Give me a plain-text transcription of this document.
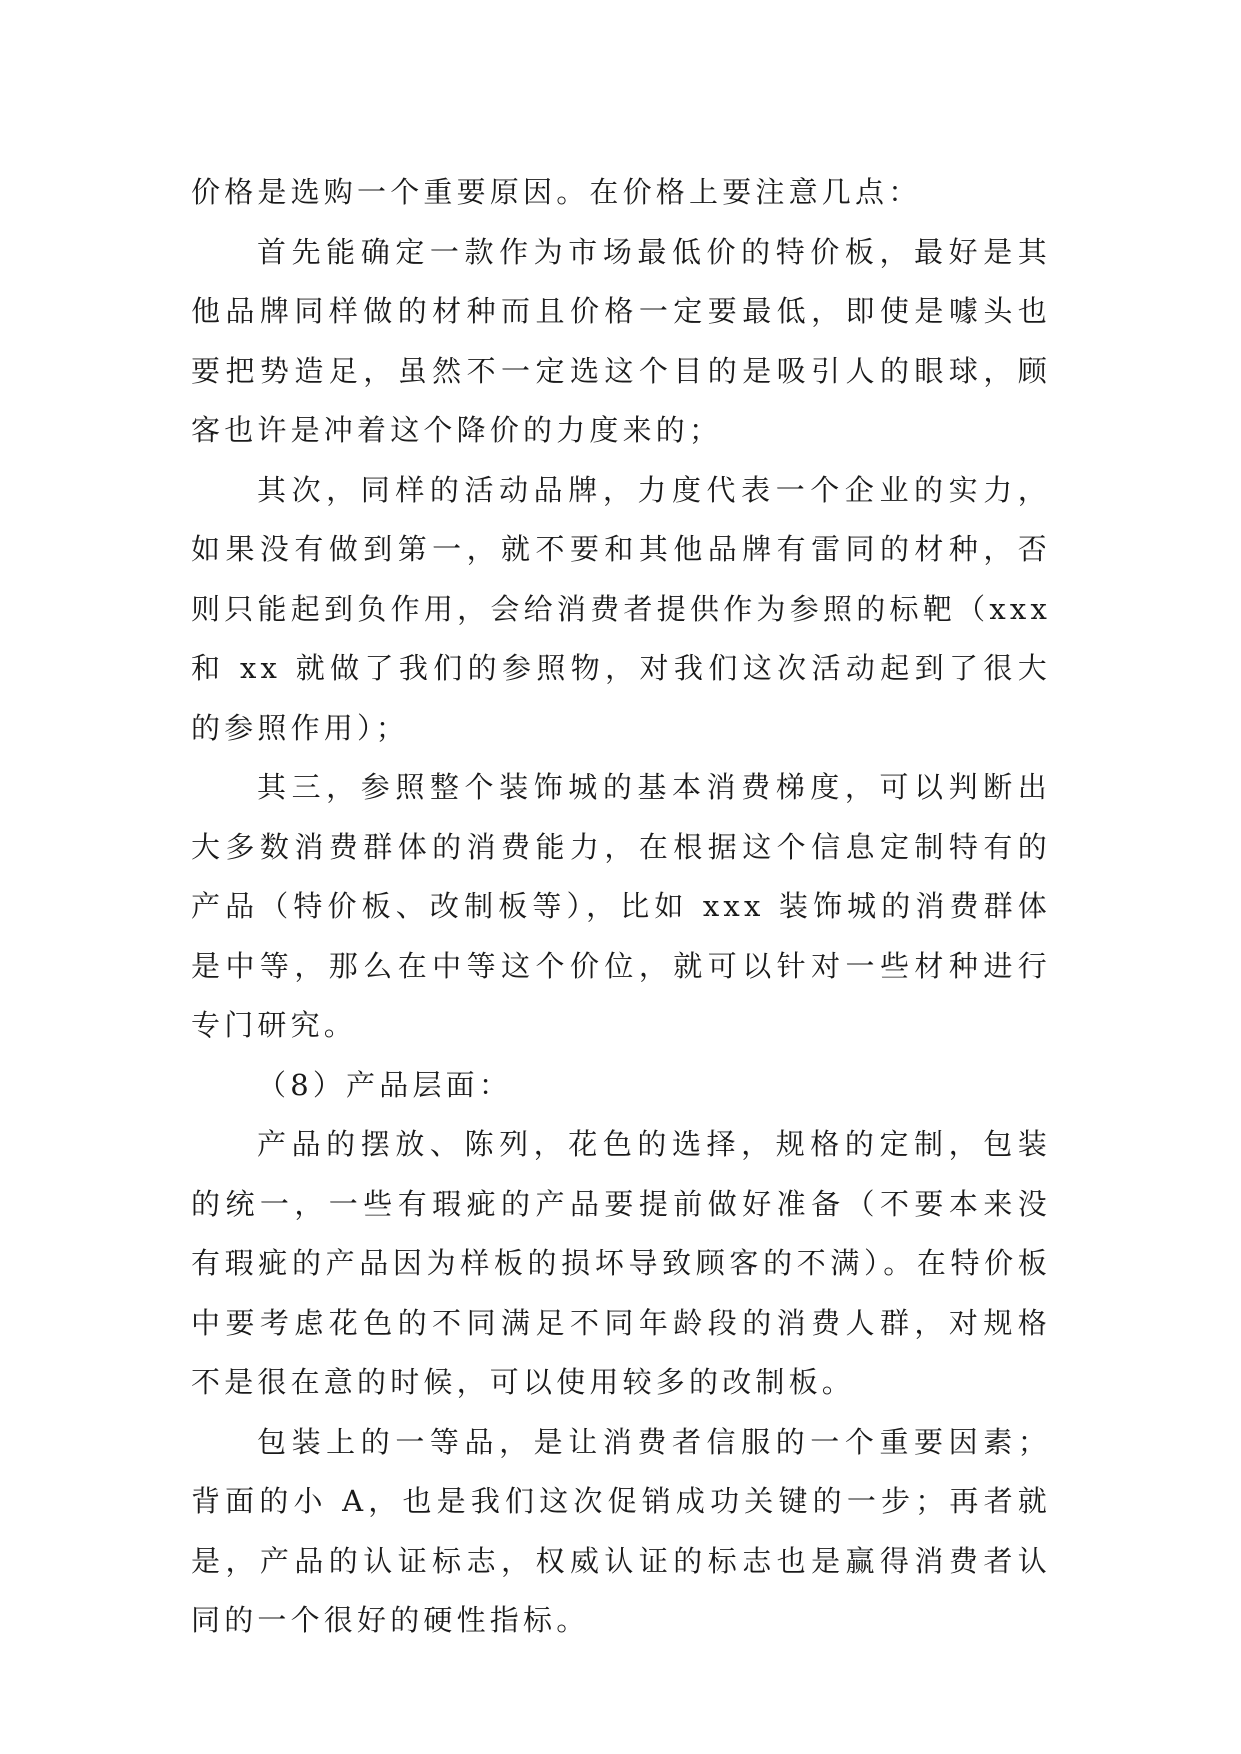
价格是选购一个重要原因。在价格上要注意几点：

首先能确定一款作为市场最低价的特价板，最好是其他品牌同样做的材种而且价格一定要最低，即使是噱头也要把势造足，虽然不一定选这个目的是吸引人的眼球，顾客也许是冲着这个降价的力度来的；

其次，同样的活动品牌，力度代表一个企业的实力，如果没有做到第一，就不要和其他品牌有雷同的材种，否则只能起到负作用，会给消费者提供作为参照的标靶（xxx 和 xx 就做了我们的参照物，对我们这次活动起到了很大的参照作用）；

其三，参照整个装饰城的基本消费梯度，可以判断出大多数消费群体的消费能力，在根据这个信息定制特有的产品（特价板、改制板等），比如 xxx 装饰城的消费群体是中等，那么在中等这个价位，就可以针对一些材种进行专门研究。

（8）产品层面：

产品的摆放、陈列，花色的选择，规格的定制，包装的统一，一些有瑕疵的产品要提前做好准备（不要本来没有瑕疵的产品因为样板的损坏导致顾客的不满）。在特价板中要考虑花色的不同满足不同年龄段的消费人群，对规格不是很在意的时候，可以使用较多的改制板。

包装上的一等品，是让消费者信服的一个重要因素；背面的小 A，也是我们这次促销成功关键的一步；再者就是，产品的认证标志，权威认证的标志也是赢得消费者认同的一个很好的硬性指标。
